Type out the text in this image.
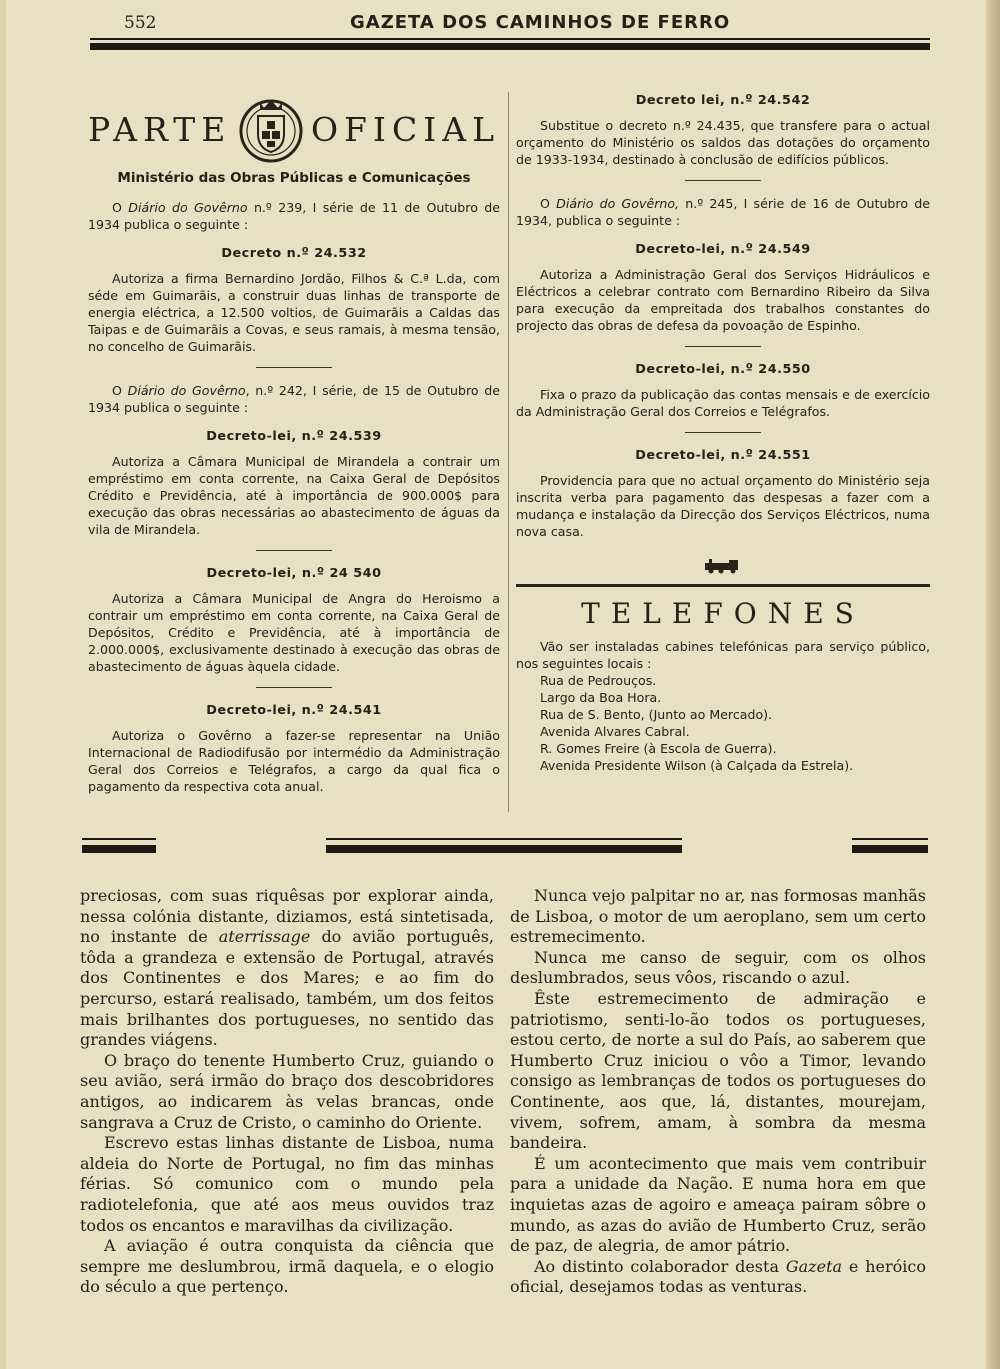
552	GAZETA DOS CAMINHOS DE FERRO
PARTE OFICIAL
Ministério das Obras Públicas e Comunicações

O Diário do Govêrno n.º 239, I série de 11 de Outubro de 1934 publica o seguinte :

Decreto n.º 24.532

Autoriza a firma Bernardino Jordão, Filhos & C.ª L.da, com séde em Guimarãis, a construir duas linhas de transporte de energia eléctrica, a 12.500 voltios, de Guimarãis a Caldas das Taipas e de Guimarãis a Covas, e seus ramais, à mesma tensão, no concelho de Guimarãis.

O Diário do Govêrno, n.º 242, I série, de 15 de Outubro de 1934 publica o seguinte :

Decreto-lei, n.º 24.539

Autoriza a Câmara Municipal de Mirandela a contrair um empréstimo em conta corrente, na Caixa Geral de Depósitos Crédito e Previdência, até à importância de 900.000$ para execução das obras necessárias ao abastecimento de águas da vila de Mirandela.

Decreto-lei, n.º 24 540

Autoriza a Câmara Municipal de Angra do Heroismo a contrair um empréstimo em conta corrente, na Caixa Geral de Depósitos, Crédito e Previdência, até à importância de 2.000.000$, exclusivamente destinado à execução das obras de abastecimento de águas àquela cidade.

Decreto-lei, n.º 24.541

Autoriza o Govêrno a fazer-se representar na União Internacional de Radiodifusão por intermédio da Administração Geral dos Correios e Telégrafos, a cargo da qual fica o pagamento da respectiva cota anual.

Decreto lei, n.º 24.542

Substitue o decreto n.º 24.435, que transfere para o actual orçamento do Ministério os saldos das dotações do orçamento de 1933-1934, destinado à conclusão de edifícios públicos.

O Diário do Govêrno, n.º 245, I série de 16 de Outubro de 1934, publica o seguinte :

Decreto-lei, n.º 24.549

Autoriza a Administração Geral dos Serviços Hidráulicos e Eléctricos a celebrar contrato com Bernardino Ribeiro da Silva para execução da empreitada dos trabalhos constantes do projecto das obras de defesa da povoação de Espinho.

Decreto-lei, n.º 24.550

Fixa o prazo da publicação das contas mensais e de exercício da Administração Geral dos Correios e Telégrafos.

Decreto-lei, n.º 24.551

Providencia para que no actual orçamento do Ministério seja inscrita verba para pagamento das despesas a fazer com a mudança e instalação da Direcção dos Serviços Eléctricos, numa nova casa.

TELEFONES

Vão ser instaladas cabines telefónicas para serviço público, nos seguintes locais :

Rua de Pedrouços.
Largo da Boa Hora.
Rua de S. Bento, (Junto ao Mercado).
Avenida Alvares Cabral.
R. Gomes Freire (à Escola de Guerra).
Avenida Presidente Wilson (à Calçada da Estrela).

preciosas, com suas riquêsas por explorar ainda, nessa colónia distante, diziamos, está sintetisada, no instante de aterrissage do avião português, tôda a grandeza e extensão de Portugal, através dos Continentes e dos Mares; e ao fim do percurso, estará realisado, também, um dos feitos mais brilhantes dos portugueses, no sentido das grandes viágens.

O braço do tenente Humberto Cruz, guiando o seu avião, será irmão do braço dos descobridores antigos, ao indicarem às velas brancas, onde sangrava a Cruz de Cristo, o caminho do Oriente.

Escrevo estas linhas distante de Lisboa, numa aldeia do Norte de Portugal, no fim das minhas férias. Só comunico com o mundo pela radiotelefonia, que até aos meus ouvidos traz todos os encantos e maravilhas da civilização.

A aviação é outra conquista da ciência que sempre me deslumbrou, irmã daquela, e o elogio do século a que pertenço.

Nunca vejo palpitar no ar, nas formosas manhãs de Lisboa, o motor de um aeroplano, sem um certo estremecimento.

Nunca me canso de seguir, com os olhos deslumbrados, seus vôos, riscando o azul.

Êste estremecimento de admiração e patriotismo, senti-lo-ão todos os portugueses, estou certo, de norte a sul do País, ao saberem que Humberto Cruz iniciou o vôo a Timor, levando consigo as lembranças de todos os portugueses do Continente, aos que, lá, distantes, mourejam, vivem, sofrem, amam, à sombra da mesma bandeira.

É um acontecimento que mais vem contribuir para a unidade da Nação. E numa hora em que inquietas azas de agoiro e ameaça pairam sôbre o mundo, as azas do avião de Humberto Cruz, serão de paz, de alegria, de amor pátrio.

Ao distinto colaborador desta Gazeta e heróico oficial, desejamos todas as venturas.
